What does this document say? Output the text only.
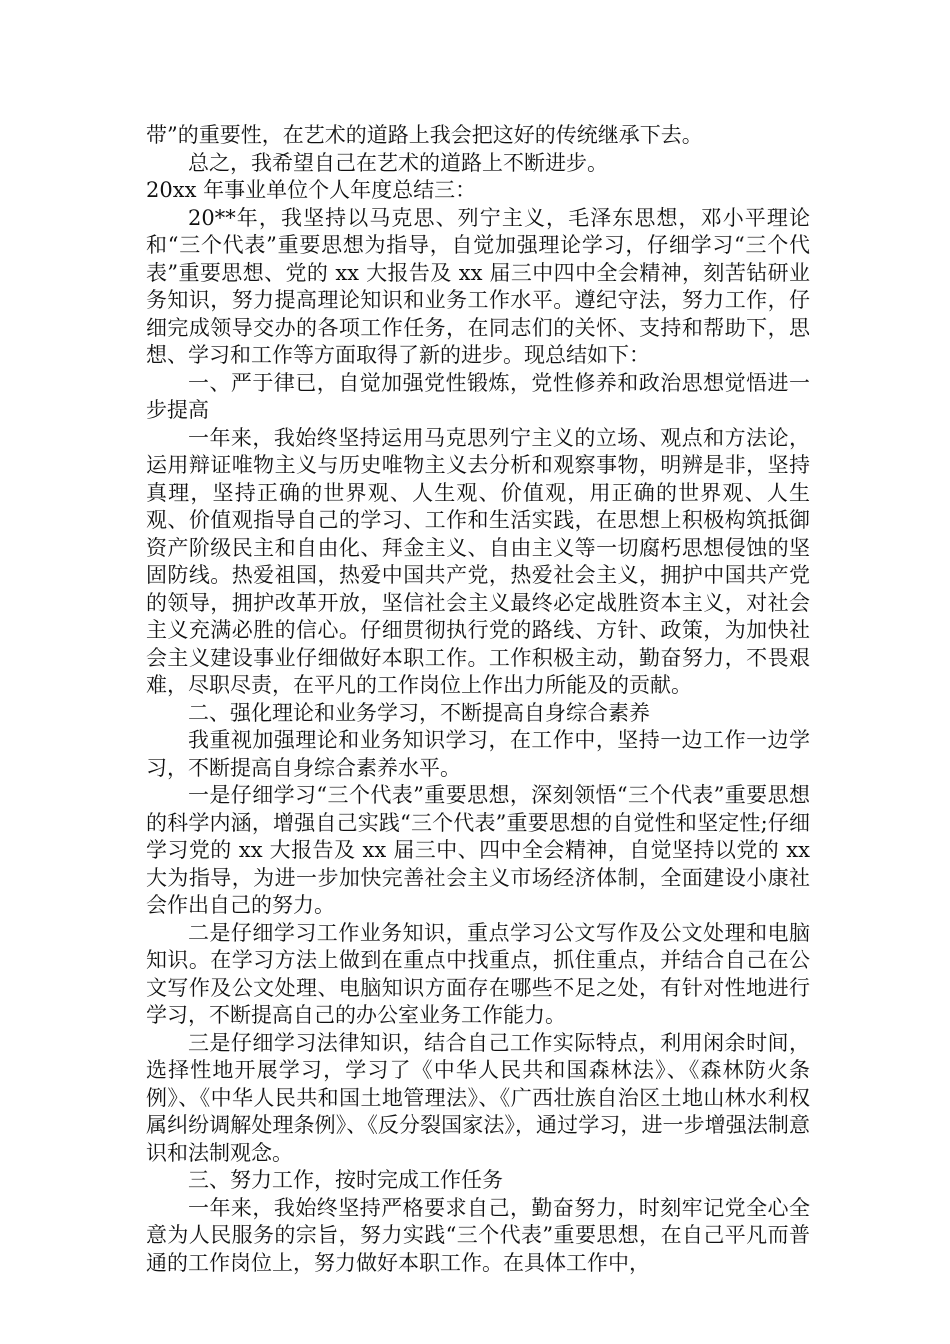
带”的重要性，在艺术的道路上我会把这好的传统继承下去。

总之，我希望自己在艺术的道路上不断进步。

20xx 年事业单位个人年度总结三：

20**年，我坚持以马克思、列宁主义，毛泽东思想，邓小平理论和“三个代表”重要思想为指导，自觉加强理论学习，仔细学习“三个代表”重要思想、党的 xx 大报告及 xx 届三中四中全会精神，刻苦钻研业务知识，努力提高理论知识和业务工作水平。遵纪守法，努力工作，仔细完成领导交办的各项工作任务，在同志们的关怀、支持和帮助下，思想、学习和工作等方面取得了新的进步。现总结如下：

一、严于律已，自觉加强党性锻炼，党性修养和政治思想觉悟进一步提高

一年来，我始终坚持运用马克思列宁主义的立场、观点和方法论，运用辩证唯物主义与历史唯物主义去分析和观察事物，明辨是非，坚持真理，坚持正确的世界观、人生观、价值观，用正确的世界观、人生观、价值观指导自己的学习、工作和生活实践，在思想上积极构筑抵御资产阶级民主和自由化、拜金主义、自由主义等一切腐朽思想侵蚀的坚固防线。热爱祖国，热爱中国共产党，热爱社会主义，拥护中国共产党的领导，拥护改革开放，坚信社会主义最终必定战胜资本主义，对社会主义充满必胜的信心。仔细贯彻执行党的路线、方针、政策，为加快社会主义建设事业仔细做好本职工作。工作积极主动，勤奋努力，不畏艰难，尽职尽责，在平凡的工作岗位上作出力所能及的贡献。

二、强化理论和业务学习，不断提高自身综合素养

我重视加强理论和业务知识学习，在工作中，坚持一边工作一边学习，不断提高自身综合素养水平。

一是仔细学习“三个代表”重要思想，深刻领悟“三个代表”重要思想的科学内涵，增强自己实践“三个代表”重要思想的自觉性和坚定性;仔细学习党的 xx 大报告及 xx 届三中、四中全会精神，自觉坚持以党的 xx 大为指导，为进一步加快完善社会主义市场经济体制，全面建设小康社会作出自己的努力。

二是仔细学习工作业务知识，重点学习公文写作及公文处理和电脑知识。在学习方法上做到在重点中找重点，抓住重点，并结合自己在公文写作及公文处理、电脑知识方面存在哪些不足之处，有针对性地进行学习，不断提高自己的办公室业务工作能力。

三是仔细学习法律知识，结合自己工作实际特点，利用闲余时间，选择性地开展学习，学习了《中华人民共和国森林法》、《森林防火条例》、《中华人民共和国土地管理法》、《广西壮族自治区土地山林水利权属纠纷调解处理条例》、《反分裂国家法》，通过学习，进一步增强法制意识和法制观念。

三、努力工作，按时完成工作任务

一年来，我始终坚持严格要求自己，勤奋努力，时刻牢记党全心全意为人民服务的宗旨，努力实践“三个代表”重要思想，在自己平凡而普通的工作岗位上，努力做好本职工作。在具体工作中，
